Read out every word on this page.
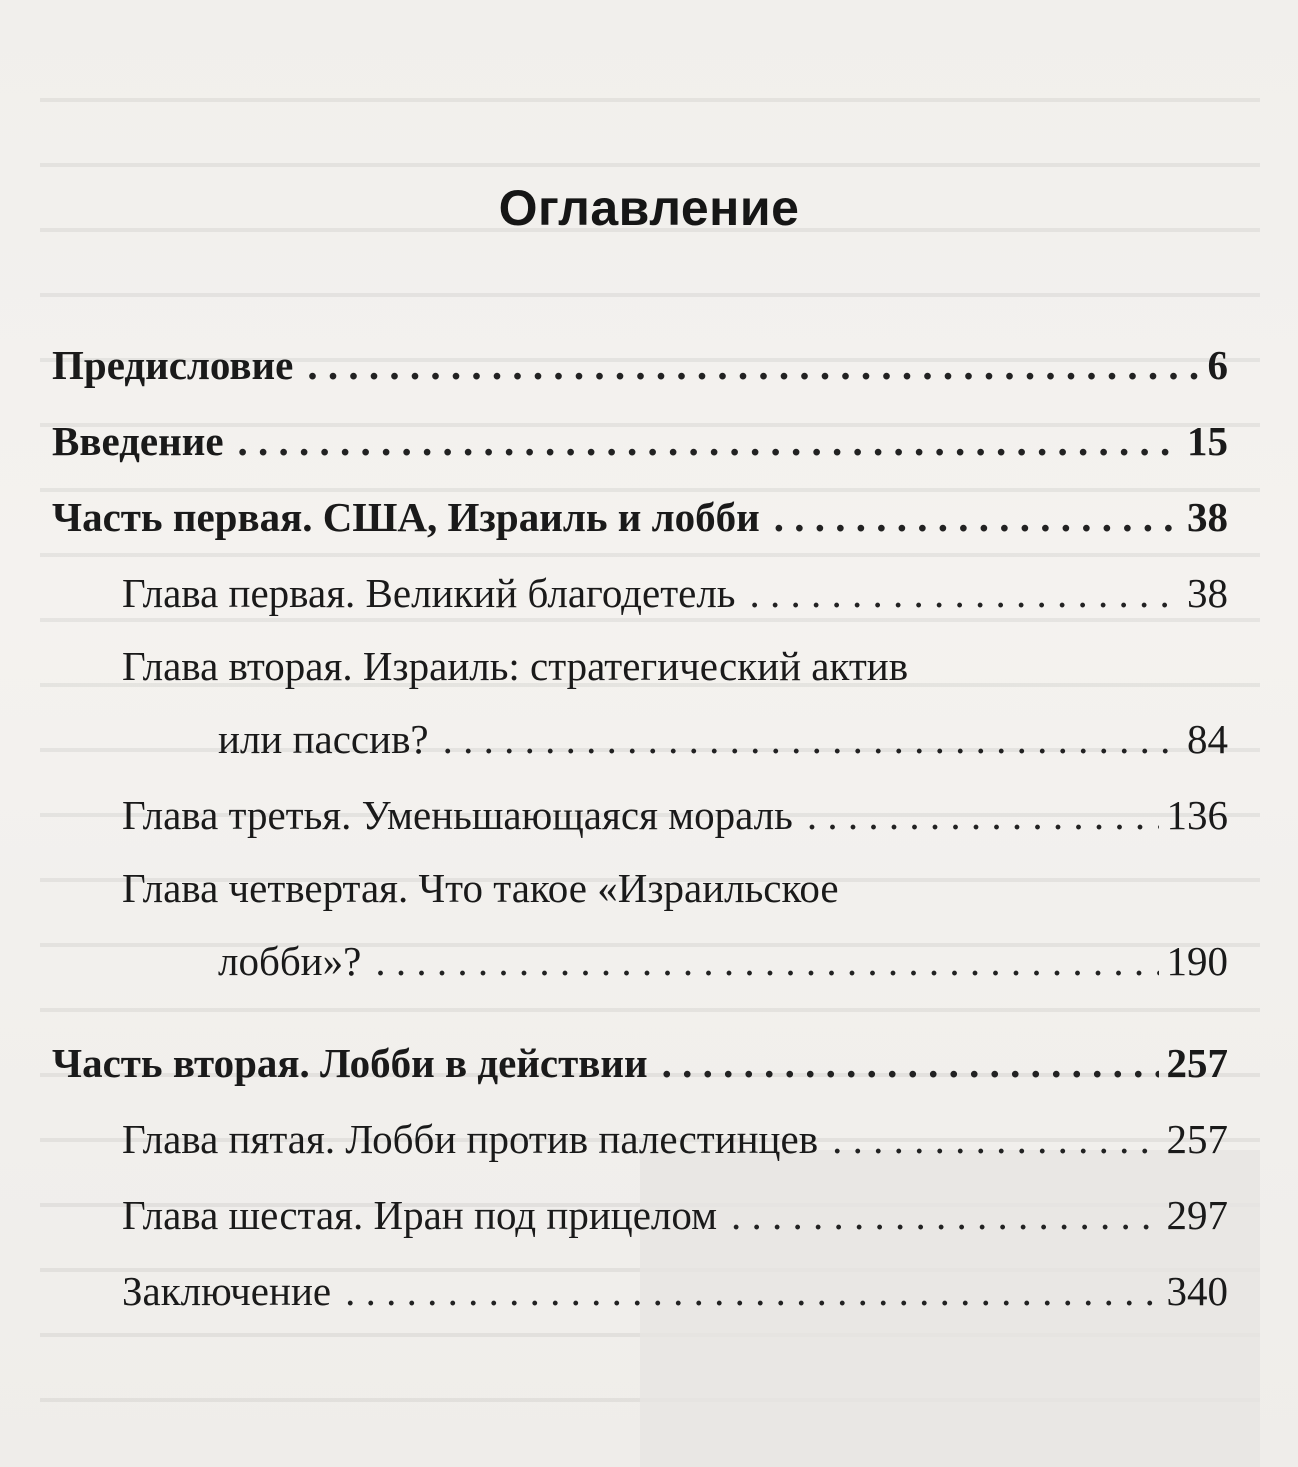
Оглавление
Предисловие . . .	6
Введение . . .	15
Часть первая. США, Израиль и лобби . . .	38
Глава первая. Великий благодетель . . .	38
Глава вторая. Израиль: стратегический актив
или пассив? . . .	84
Глава третья. Уменьшающаяся мораль . . .	136
Глава четвертая. Что такое «Израильское
лобби»? . . .	190
Часть вторая. Лобби в действии . . .	257
Глава пятая. Лобби против палестинцев . . .	257
Глава шестая. Иран под прицелом . . .	297
Заключение . . .	340
